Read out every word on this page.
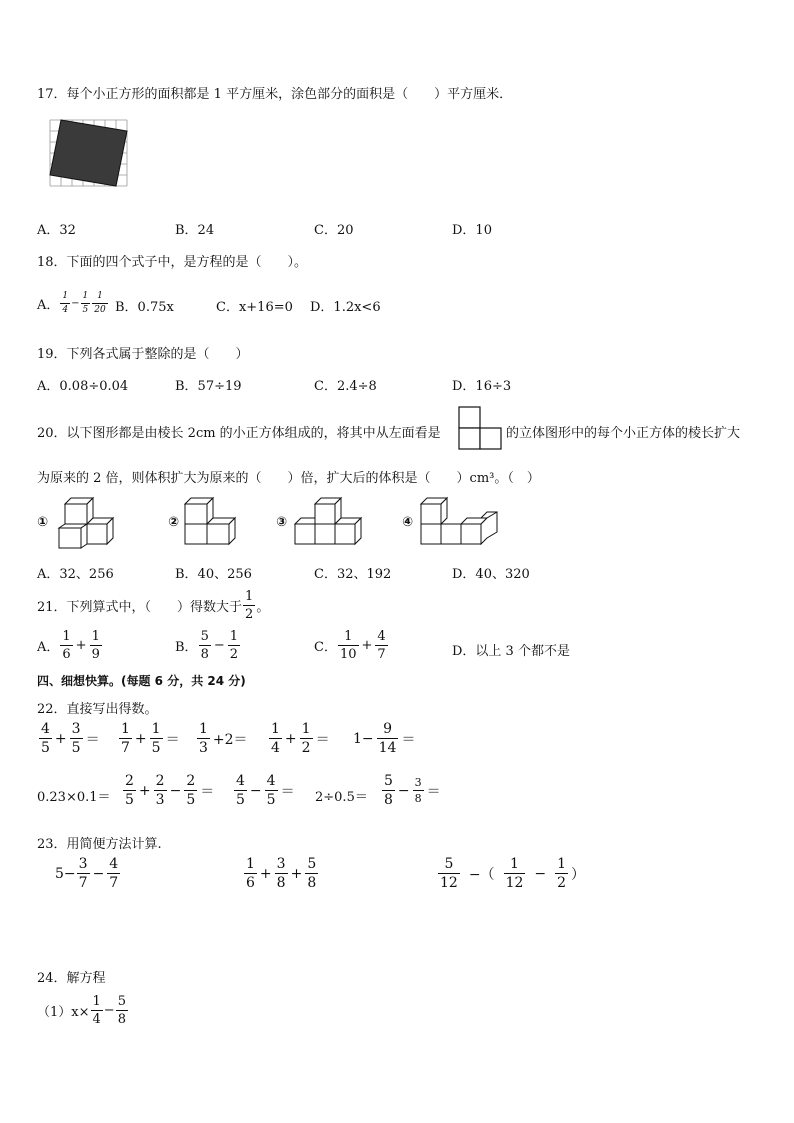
17．每个小正方形的面积都是 1 平方厘米，涂色部分的面积是（　　）平方厘米．
A．32	B．24	C．20	D．10
18．下面的四个式子中，是方程的是（　　）。
A． $\frac{1}{4} - \frac{1}{5} \frac{1}{20}$ B．0.75x	C．x+16=0 D．1.2x<6
19．下列各式属于整除的是（　　）
A．0.08÷0.04	B．57÷19	C．2.4÷8	D．16÷3
20．以下图形都是由棱长 2cm 的小正方体组成的，将其中从左面看是	的立体图形中的每个小正方体的棱长扩大
为原来的 2 倍，则体积扩大为原来的（　　）倍，扩大后的体积是（　　）cm³。（　）
①	②	③	④
A．32、256	B．40、256	C．32、192	D．40、320
21．下列算式中，（　　）得数大于 $\frac{1}{2}$ 。
A． $\frac{1}{6} + \frac{1}{9}$	B． $\frac{5}{8} - \frac{1}{2}$	C． $\frac{1}{10} + \frac{4}{7}$	D．以上 3 个都不是
四、细想快算。(每题 6 分，共 24 分)
22．直接写出得数。
$\frac{4}{5} + \frac{3}{5} = \frac{1}{7} + \frac{1}{5} = \frac{1}{3} +2= \frac{1}{4} + \frac{1}{2} = 1- \frac{9}{14}$ ＝
$0.23\times 0.1= \frac{2}{5} + \frac{2}{3} - \frac{2}{5} = \frac{4}{5} - \frac{4}{5} = 2\div 0.5= \frac{5}{8} - \frac{3}{8}$ ＝
23．用简便方法计算.
$5- \frac{3}{7} - \frac{4}{7}$	$\frac{1}{6} + \frac{3}{8} + \frac{5}{8}$	$\frac{5}{12}$ −（ $\frac{1}{12} - \frac{1}{2}$ ）
24．解方程
$(1)x\times \frac{1}{4} - \frac{5}{8}$
